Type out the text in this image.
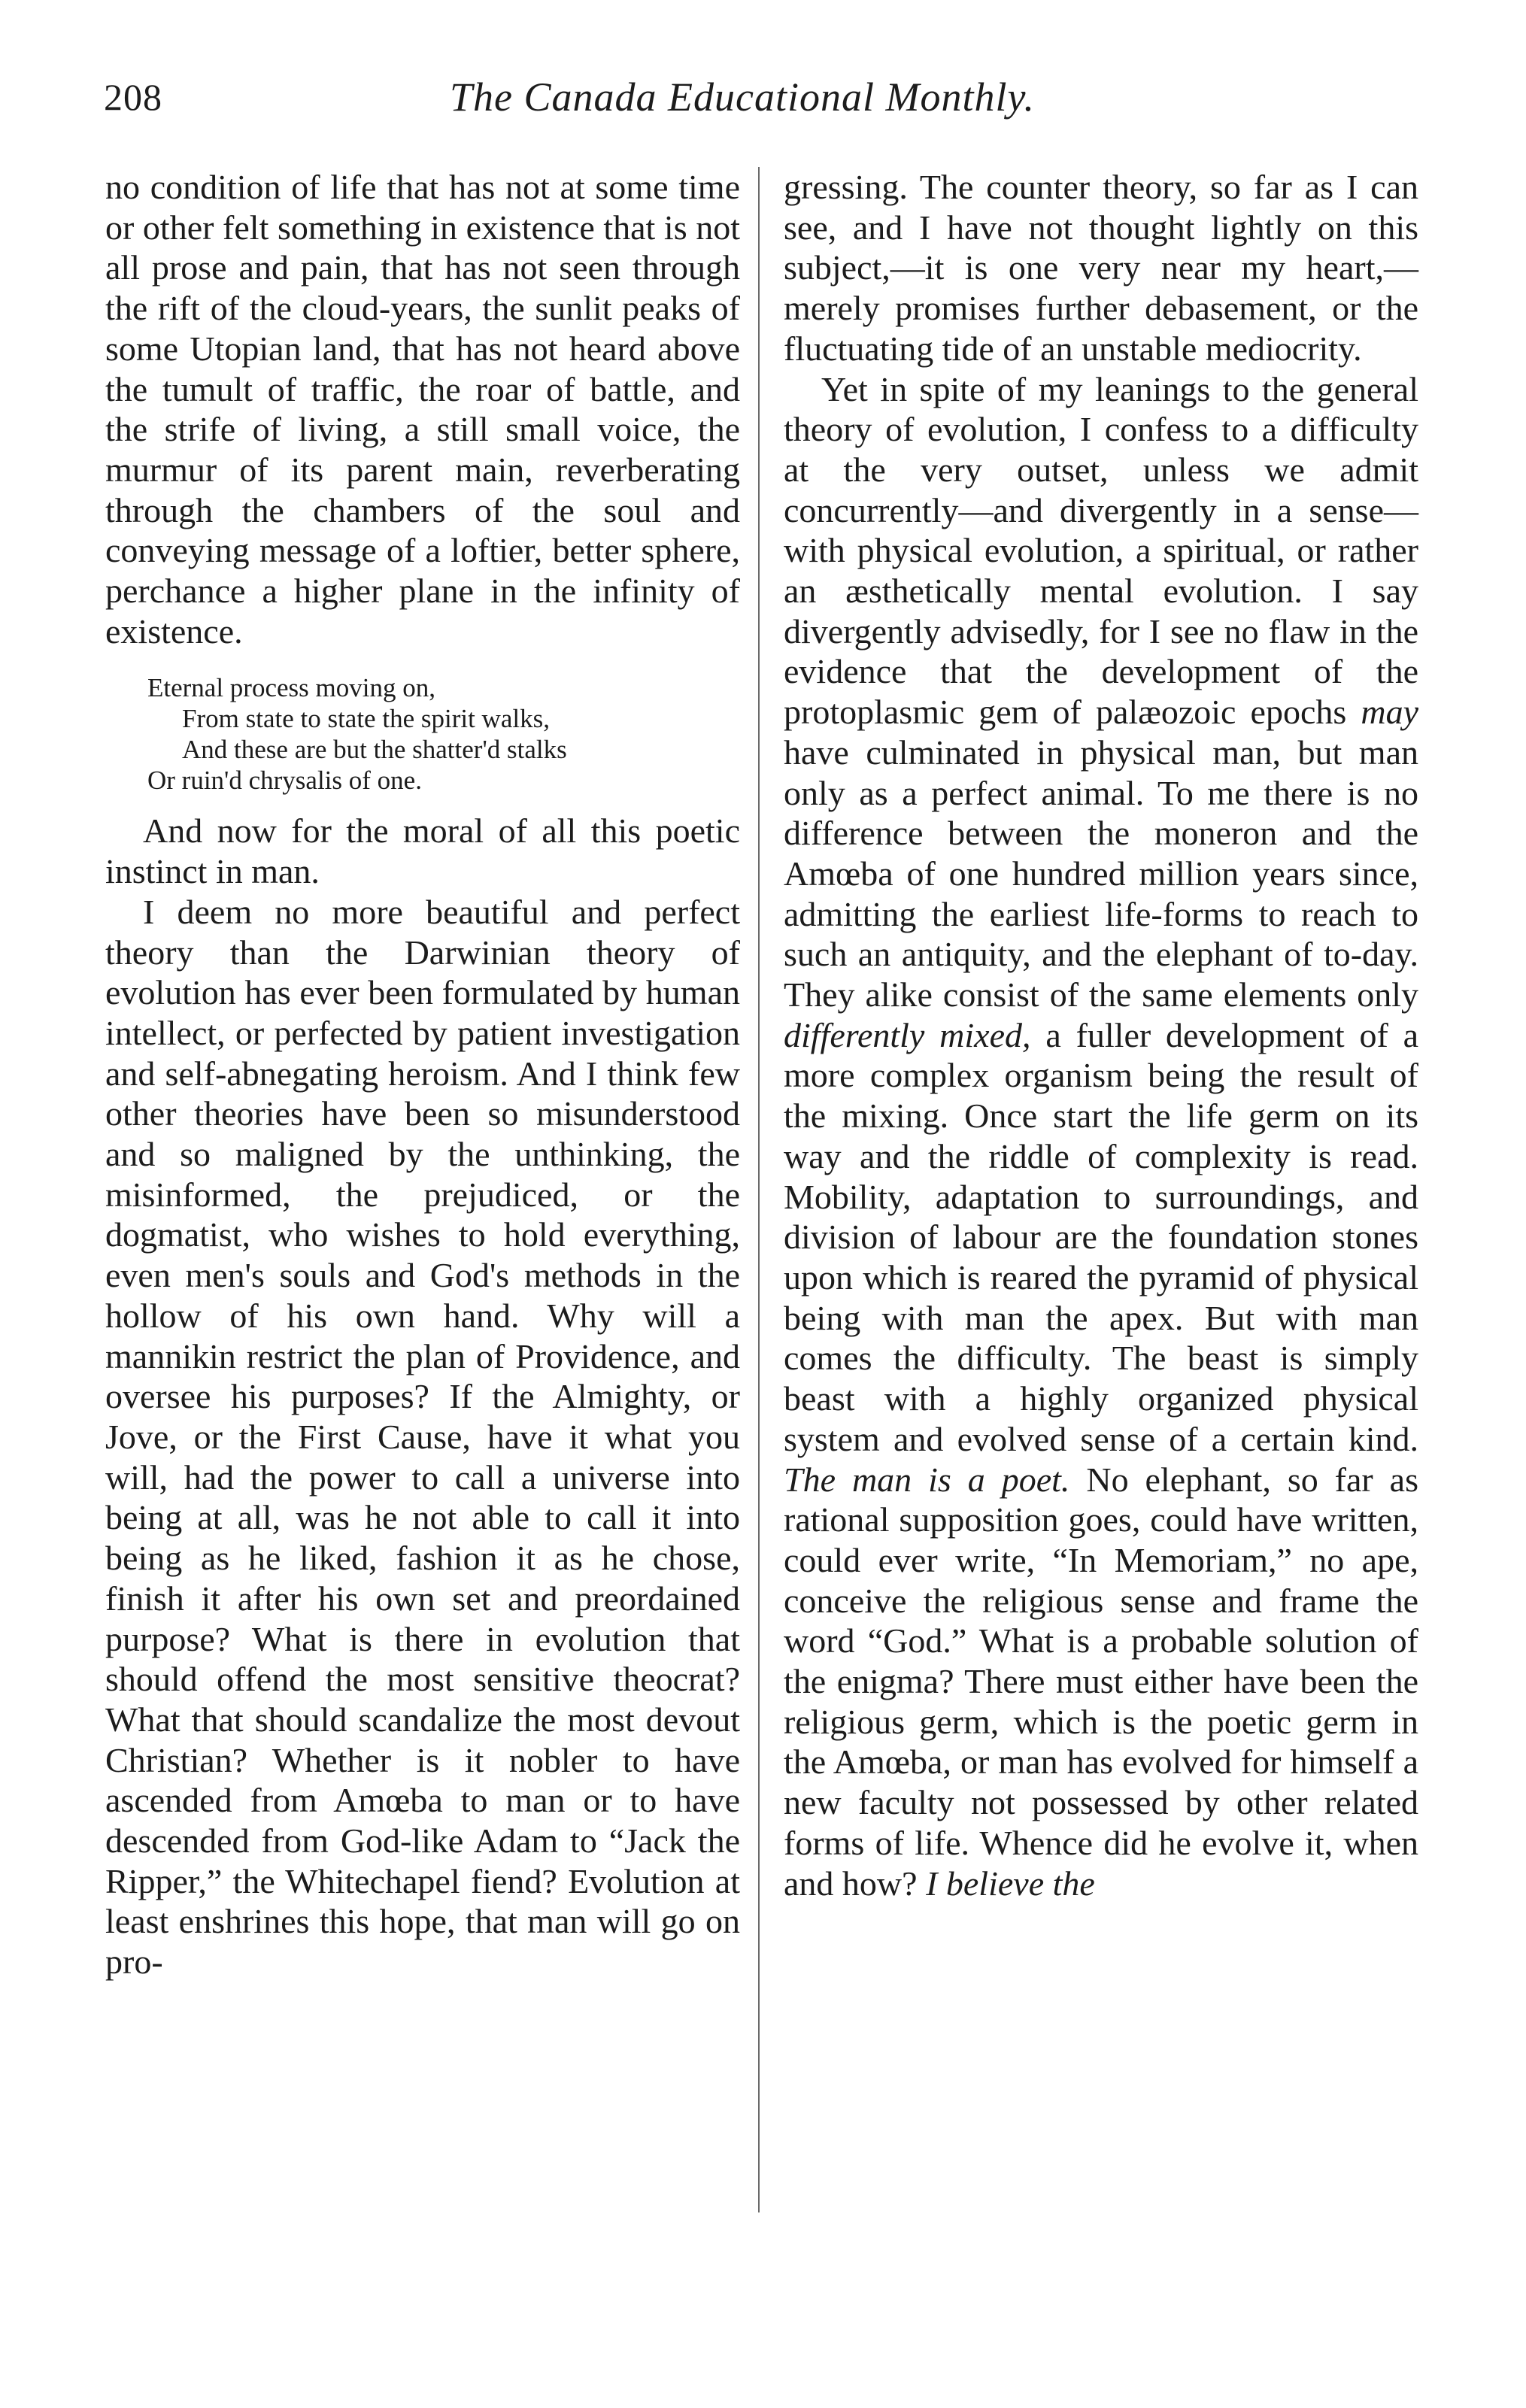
208	The Canada Educational Monthly.

no condition of life that has not at some time or other felt something in existence that is not all prose and pain, that has not seen through the rift of the cloud-years, the sunlit peaks of some Utopian land, that has not heard above the tumult of traffic, the roar of battle, and the strife of living, a still small voice, the murmur of its parent main, reverberating through the chambers of the soul and conveying message of a loftier, better sphere, perchance a higher plane in the infinity of existence.

Eternal process moving on,
From state to state the spirit walks,
And these are but the shatter'd stalks
Or ruin'd chrysalis of one.

And now for the moral of all this poetic instinct in man.

I deem no more beautiful and perfect theory than the Darwinian theory of evolution has ever been formulated by human intellect, or perfected by patient investigation and self-abnegating heroism. And I think few other theories have been so misunderstood and so maligned by the unthinking, the misinformed, the prejudiced, or the dogmatist, who wishes to hold everything, even men's souls and God's methods in the hollow of his own hand. Why will a mannikin restrict the plan of Providence, and oversee his purposes? If the Almighty, or Jove, or the First Cause, have it what you will, had the power to call a universe into being at all, was he not able to call it into being as he liked, fashion it as he chose, finish it after his own set and preordained purpose? What is there in evolution that should offend the most sensitive theocrat? What that should scandalize the most devout Christian? Whether is it nobler to have ascended from Amœba to man or to have descended from God-like Adam to “Jack the Ripper,” the Whitechapel fiend? Evolution at least enshrines this hope, that man will go on pro-

gressing. The counter theory, so far as I can see, and I have not thought lightly on this subject,—it is one very near my heart,—merely promises further debasement, or the fluctuating tide of an unstable mediocrity.

Yet in spite of my leanings to the general theory of evolution, I confess to a difficulty at the very outset, unless we admit concurrently—and divergently in a sense—with physical evolution, a spiritual, or rather an æsthetically mental evolution. I say divergently advisedly, for I see no flaw in the evidence that the development of the protoplasmic gem of palæozoic epochs may have culminated in physical man, but man only as a perfect animal. To me there is no difference between the moneron and the Amœba of one hundred million years since, admitting the earliest life-forms to reach to such an antiquity, and the elephant of to-day. They alike consist of the same elements only differently mixed, a fuller development of a more complex organism being the result of the mixing. Once start the life germ on its way and the riddle of complexity is read. Mobility, adaptation to surroundings, and division of labour are the foundation stones upon which is reared the pyramid of physical being with man the apex. But with man comes the difficulty. The beast is simply beast with a highly organized physical system and evolved sense of a certain kind. The man is a poet. No elephant, so far as rational supposition goes, could have written, could ever write, “In Memoriam,” no ape, conceive the religious sense and frame the word “God.” What is a probable solution of the enigma? There must either have been the religious germ, which is the poetic germ in the Amœba, or man has evolved for himself a new faculty not possessed by other related forms of life. Whence did he evolve it, when and how? I believe the
